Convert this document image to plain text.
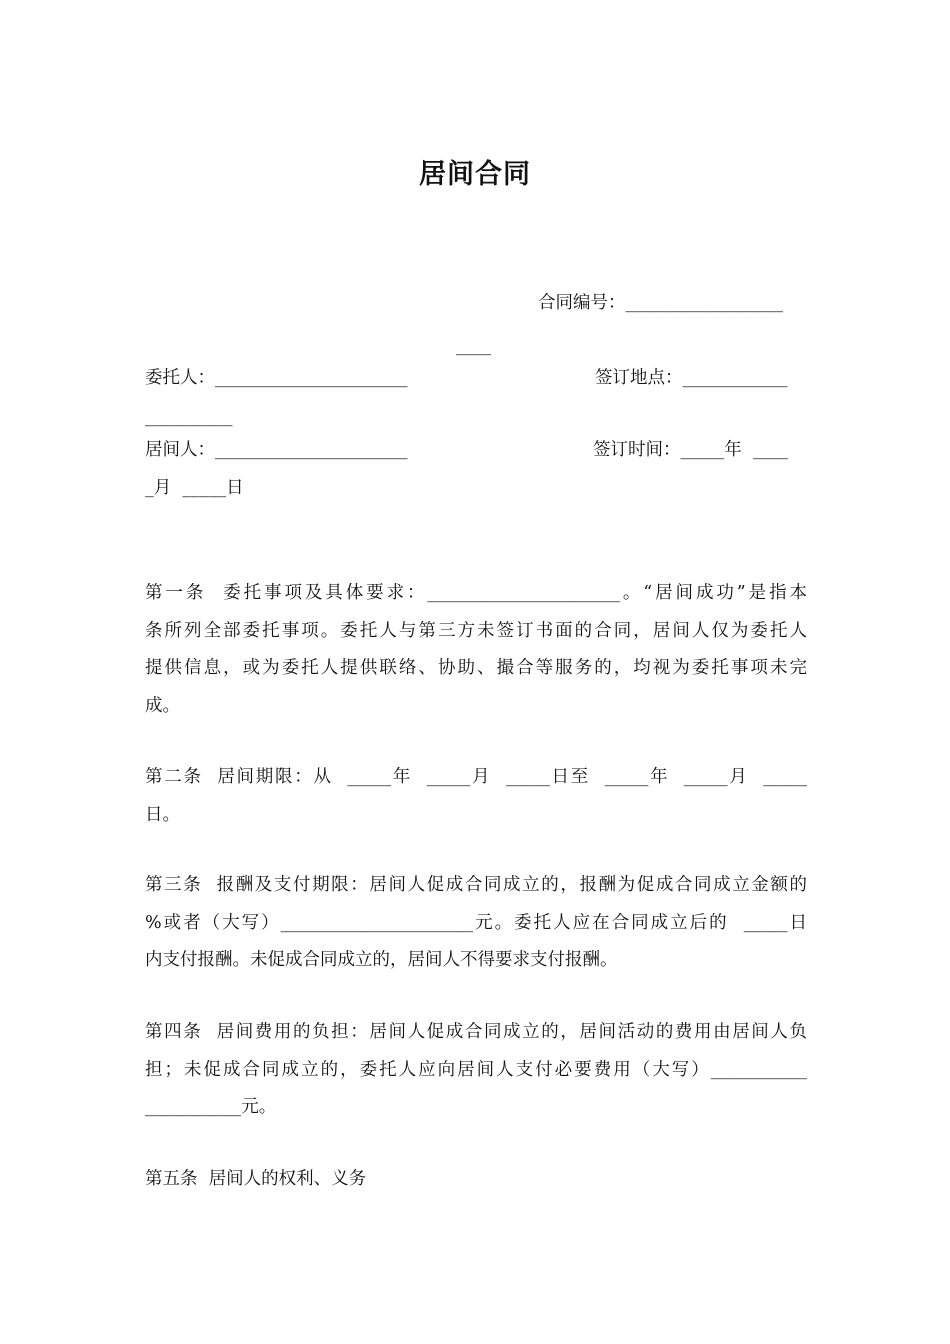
居间合同
合同编号：__________________
____
委托人：______________________	签订地点：____________
__________
居间人：______________________	签订时间：_____年  ____
_月  _____日
第一条  委托事项及具体要求：______________________。“居间成功”是指本
条所列全部委托事项。委托人与第三方未签订书面的合同，居间人仅为委托人
提供信息，或为委托人提供联络、协助、撮合等服务的，均视为委托事项未完
成。
第二条  居间期限：从  _____年  _____月  _____日至  _____年  _____月  _____
日。
第三条  报酬及支付期限：居间人促成合同成立的，报酬为促成合同成立金额的
%或者（大写）______________________元。委托人应在合同成立后的  _____日
内支付报酬。未促成合同成立的，居间人不得要求支付报酬。
第四条  居间费用的负担：居间人促成合同成立的，居间活动的费用由居间人负
担；未促成合同成立的，委托人应向居间人支付必要费用（大写）___________
___________元。
第五条  居间人的权利、义务
